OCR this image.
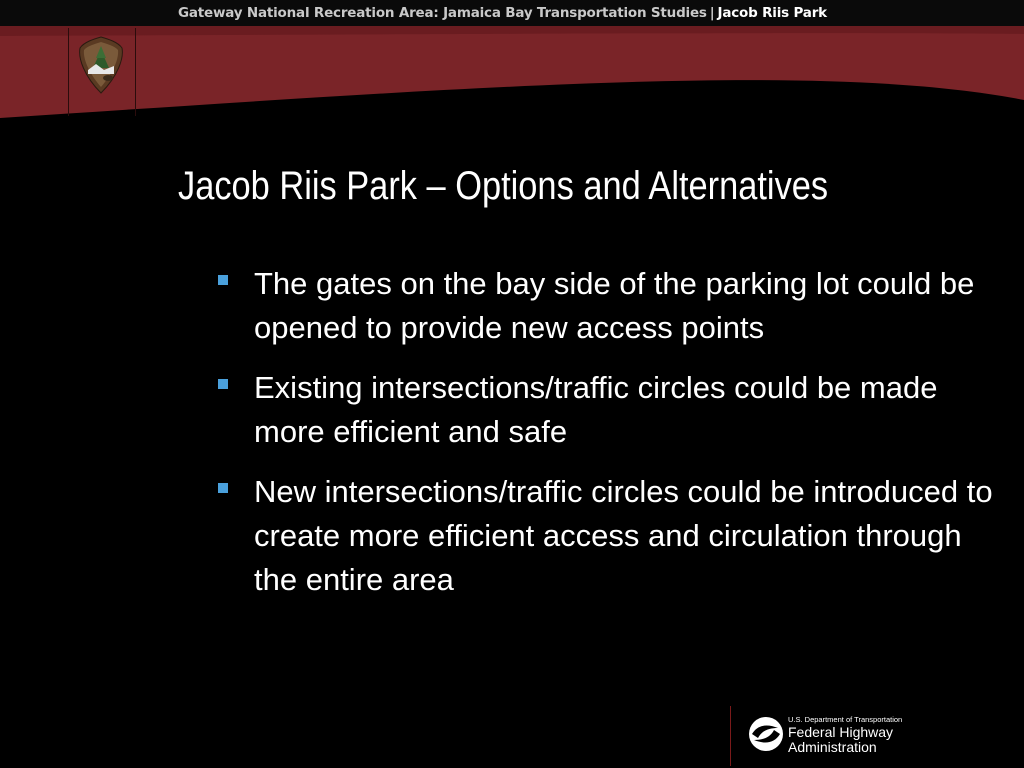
Gateway National Recreation Area: Jamaica Bay Transportation Studies | Jacob Riis Park
Jacob Riis Park – Options and Alternatives
The gates on the bay side of the parking lot could be opened to provide new access points
Existing intersections/traffic circles could be made more efficient and safe
New intersections/traffic circles could be introduced to create more efficient access and circulation through the entire area
U.S. Department of Transportation
Federal Highway
Administration
